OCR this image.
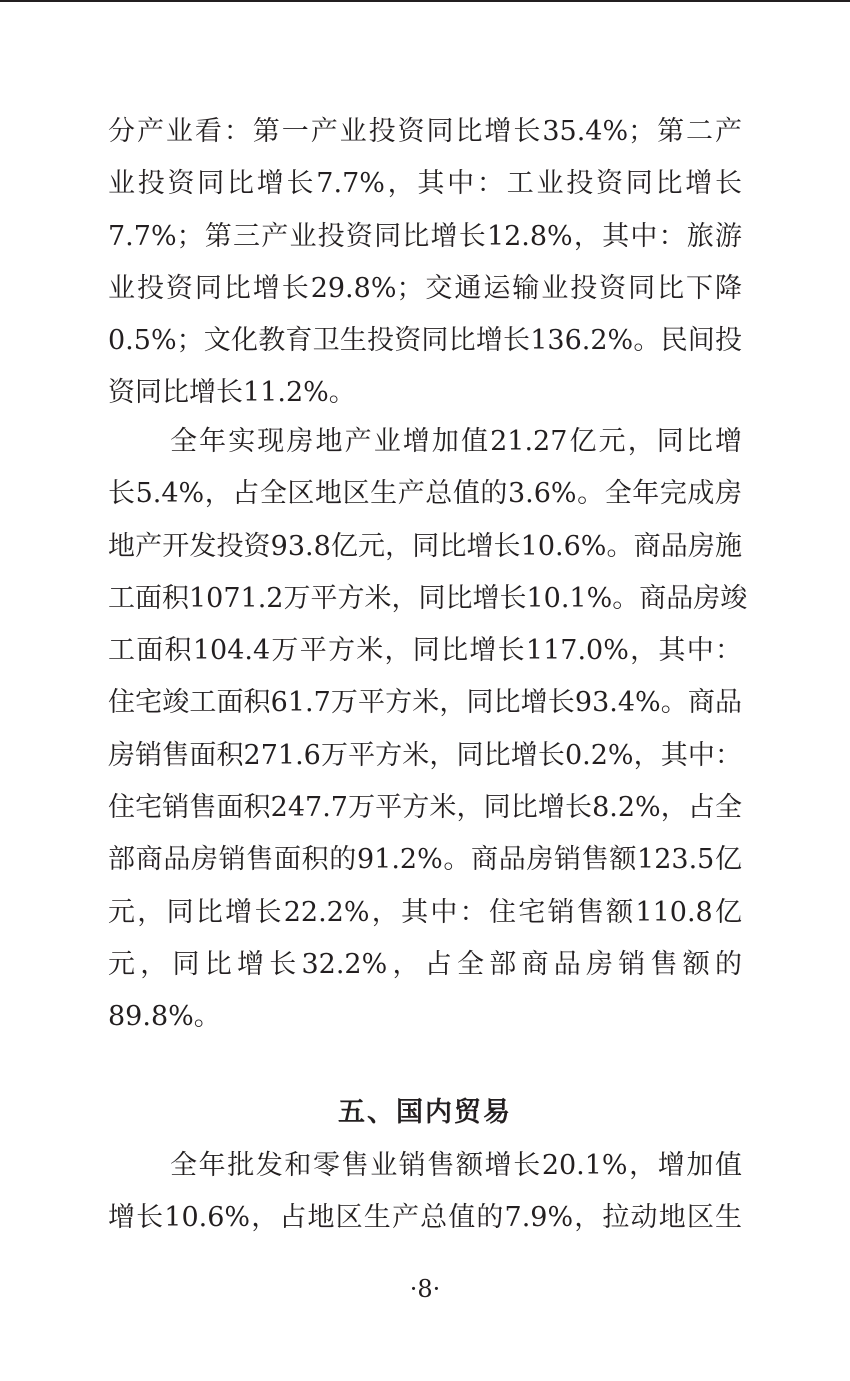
分产业看：第一产业投资同比增长35.4%；第二产
业投资同比增长7.7%，其中：工业投资同比增长
7.7%；第三产业投资同比增长12.8%，其中：旅游
业投资同比增长29.8%；交通运输业投资同比下降
0.5%；文化教育卫生投资同比增长136.2%。民间投
资同比增长11.2%。
全年实现房地产业增加值21.27亿元，同比增
长5.4%，占全区地区生产总值的3.6%。全年完成房
地产开发投资93.8亿元，同比增长10.6%。商品房施
工面积1071.2万平方米，同比增长10.1%。商品房竣
工面积104.4万平方米，同比增长117.0%，其中：
住宅竣工面积61.7万平方米，同比增长93.4%。商品
房销售面积271.6万平方米，同比增长0.2%，其中：
住宅销售面积247.7万平方米，同比增长8.2%，占全
部商品房销售面积的91.2%。商品房销售额123.5亿
元，同比增长22.2%，其中：住宅销售额110.8亿
元，同比增长32.2%，占全部商品房销售额的
89.8%。
五、国内贸易
全年批发和零售业销售额增长20.1%，增加值
增长10.6%，占地区生产总值的7.9%，拉动地区生
·8·
